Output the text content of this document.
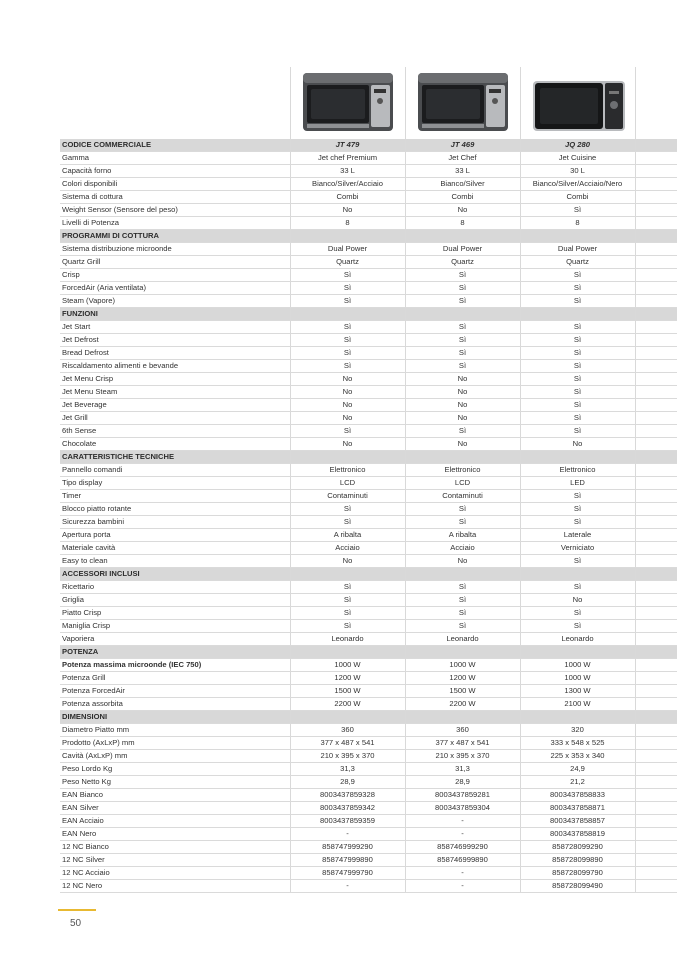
CODICE COMMERCIALE	JT 479	JT 469	JQ 280	
Gamma	Jet chef Premium	Jet Chef	Jet Cuisine	
Capacità forno	33 L	33 L	30 L	
Colori disponibili	Bianco/Silver/Acciaio	Bianco/Silver	Bianco/Silver/Acciaio/Nero	
Sistema di cottura	Combi	Combi	Combi	
Weight Sensor (Sensore del peso)	No	No	Sì	
Livelli di Potenza	8	8	8	
PROGRAMMI DI COTTURA				
Sistema distribuzione microonde	Dual Power	Dual Power	Dual Power	
Quartz Grill	Quartz	Quartz	Quartz	
Crisp	Sì	Sì	Sì	
ForcedAir (Aria ventilata)	Sì	Sì	Sì	
Steam (Vapore)	Sì	Sì	Sì	
FUNZIONI				
Jet Start	Sì	Sì	Sì	
Jet Defrost	Sì	Sì	Sì	
Bread Defrost	Sì	Sì	Sì	
Riscaldamento alimenti e bevande	Sì	Sì	Sì	
Jet Menu Crisp	No	No	Sì	
Jet Menu Steam	No	No	Sì	
Jet Beverage	No	No	Sì	
Jet Grill	No	No	Sì	
6th Sense	Sì	Sì	Sì	
Chocolate	No	No	No	
CARATTERISTICHE TECNICHE				
Pannello comandi	Elettronico	Elettronico	Elettronico	
Tipo display	LCD	LCD	LED	
Timer	Contaminuti	Contaminuti	Sì	
Blocco piatto rotante	Sì	Sì	Sì	
Sicurezza bambini	Sì	Sì	Sì	
Apertura porta	A ribalta	A ribalta	Laterale	
Materiale cavità	Acciaio	Acciaio	Verniciato	
Easy to clean	No	No	Sì	
ACCESSORI INCLUSI				
Ricettario	Sì	Sì	Sì	
Griglia	Sì	Sì	No	
Piatto Crisp	Sì	Sì	Sì	
Maniglia Crisp	Sì	Sì	Sì	
Vaporiera	Leonardo	Leonardo	Leonardo	
POTENZA				
Potenza massima microonde (IEC 750)	1000 W	1000 W	1000 W	
Potenza Grill	1200 W	1200 W	1000 W	
Potenza ForcedAir	1500 W	1500 W	1300 W	
Potenza assorbita	2200 W	2200 W	2100 W	
DIMENSIONI				
Diametro Piatto mm	360	360	320	
Prodotto (AxLxP) mm	377 x 487 x 541	377 x 487 x 541	333 x 548 x 525	
Cavità (AxLxP) mm	210 x 395 x 370	210 x 395 x 370	225 x 353 x 340	
Peso Lordo Kg	31,3	31,3	24,9	
Peso Netto Kg	28,9	28,9	21,2	
EAN Bianco	8003437859328	8003437859281	8003437858833	
EAN Silver	8003437859342	8003437859304	8003437858871	
EAN Acciaio	8003437859359	-	8003437858857	
EAN Nero	-	-	8003437858819	
12 NC Bianco	858747999290	858746999290	858728099290	
12 NC Silver	858747999890	858746999890	858728099890	
12 NC Acciaio	858747999790	-	858728099790	
12 NC Nero	-	-	858728099490	
50
